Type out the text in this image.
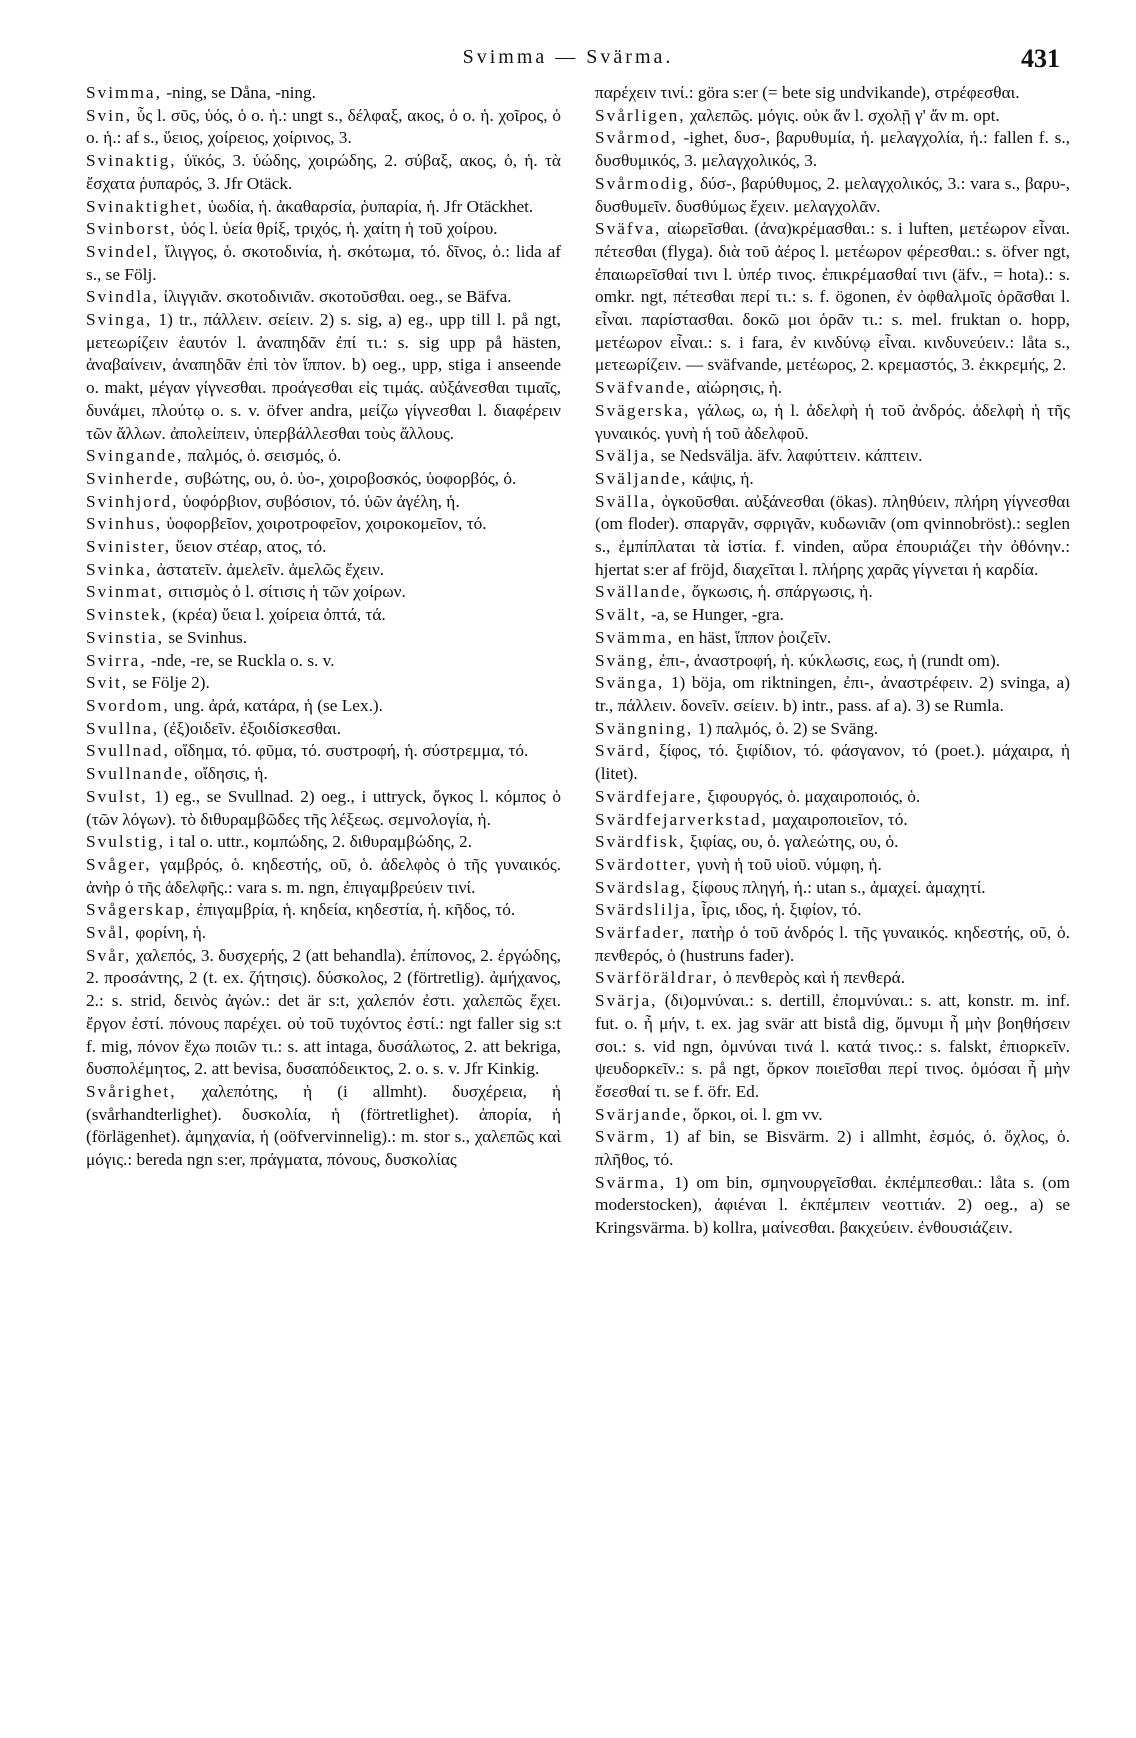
Svimma — Svärma.	431

Svimma, -ning, se Dåna, -ning.

Svin, ὗς l. σῦς, ὑός, ὁ o. ἡ.: ungt s., δέλφαξ, ακος, ὁ o. ἡ. χοῖρος, ὁ o. ἡ.: af s., ὕειος, χοίρειος, χοίρινος, 3.

Svinaktig, ὑϊκός, 3. ὑώδης, χοιρώδης, 2. σύβαξ, ακος, ὁ, ἡ. τὰ ἔσχατα ῥυπαρός, 3. Jfr Otäck.

Svinaktighet, ὑωδία, ἡ. ἀκαθαρσία, ῥυπαρία, ἡ. Jfr Otäckhet.

Svinborst, ὑός l. ὑεία θρίξ, τριχός, ἡ. χαίτη ἡ τοῦ χοίρου.

Svindel, ἴλιγγος, ὁ. σκοτοδινία, ἡ. σκότωμα, τό. δῖνος, ὁ.: lida af s., se Följ.

Svindla, ἰλιγγιᾶν. σκοτοδινιᾶν. σκοτοῦσθαι. oeg., se Bäfva.

Svinga, 1) tr., πάλλειν. σείειν. 2) s. sig, a) eg., upp till l. på ngt, μετεωρίζειν ἑαυτόν l. ἀναπηδᾶν ἐπί τι.: s. sig upp på hästen, ἀναβαίνειν, ἀναπηδᾶν ἐπὶ τὸν ἵππον. b) oeg., upp, stiga i anseende o. makt, μέγαν γίγνεσθαι. προάγεσθαι εἰς τιμάς. αὐξάνεσθαι τιμαῖς, δυνάμει, πλούτῳ o. s. v. öfver andra, μείζω γίγνεσθαι l. διαφέρειν τῶν ἄλλων. ἀπολείπειν, ὑπερβάλλεσθαι τοὺς ἄλλους.

Svingande, παλμός, ὁ. σεισμός, ὁ.

Svinherde, συβώτης, ου, ὁ. ὑο-, χοιροβοσκός, ὑοφορβός, ὁ.

Svinhjord, ὑοφόρβιον, συβόσιον, τό. ὑῶν ἀγέλη, ἡ.

Svinhus, ὑοφορβεῖον, χοιροτροφεῖον, χοιροκομεῖον, τό.

Svinister, ὕειον στέαρ, ατος, τό.

Svinka, ἀστατεῖν. ἀμελεῖν. ἀμελῶς ἔχειν.

Svinmat, σιτισμὸς ὁ l. σίτισις ἡ τῶν χοίρων.

Svinstek, (κρέα) ὕεια l. χοίρεια ὀπτά, τά.

Svinstia, se Svinhus.

Svirra, -nde, -re, se Ruckla o. s. v.

Svit, se Följe 2).

Svordom, ung. ἀρά, κατάρα, ἡ (se Lex.).

Svullna, (ἐξ)οιδεῖν. ἐξοιδίσκεσθαι.

Svullnad, οἴδημα, τό. φῦμα, τό. συστροφή, ἡ. σύστρεμμα, τό.

Svullnande, οἴδησις, ἡ.

Svulst, 1) eg., se Svullnad. 2) oeg., i uttryck, ὄγκος l. κόμπος ὁ (τῶν λόγων). τὸ διθυραμβῶδες τῆς λέξεως. σεμνολογία, ἡ.

Svulstig, i tal o. uttr., κομπώδης, 2. διθυραμβώδης, 2.

Svåger, γαμβρός, ὁ. κηδεστής, οῦ, ὁ. ἀδελφὸς ὁ τῆς γυναικός. ἀνὴρ ὁ τῆς ἀδελφῆς.: vara s. m. ngn, ἐπιγαμβρεύειν τινί.

Svågerskap, ἐπιγαμβρία, ἡ. κηδεία, κηδεστία, ἡ. κῆδος, τό.

Svål, φορίνη, ἡ.

Svår, χαλεπός, 3. δυσχερής, 2 (att behandla). ἐπίπονος, 2. ἐργώδης, 2. προσάντης, 2 (t. ex. ζήτησις). δύσκολος, 2 (förtretlig). ἀμήχανος, 2.: s. strid, δεινὸς ἀγών.: det är s:t, χαλεπόν ἐστι. χαλεπῶς ἔχει. ἔργον ἐστί. πόνους παρέχει. οὐ τοῦ τυχόντος ἐστί.: ngt faller sig s:t f. mig, πόνον ἔχω ποιῶν τι.: s. att intaga, δυσάλωτος, 2. att bekriga, δυσπολέμητος, 2. att bevisa, δυσαπόδεικτος, 2. o. s. v. Jfr Kinkig.

Svårighet, χαλεπότης, ἡ (i allmht). δυσχέρεια, ἡ (svårhandterlighet). δυσκολία, ἡ (förtretlighet). ἀπορία, ἡ (förlägenhet). ἀμηχανία, ἡ (oöfvervinnelig).: m. stor s., χαλεπῶς καὶ μόγις.: bereda ngn s:er, πράγματα, πόνους, δυσκολίας

παρέχειν τινί.: göra s:er (= bete sig undvikande), στρέφεσθαι.

Svårligen, χαλεπῶς. μόγις. οὐκ ἄν l. σχολῇ γ' ἄν m. opt.

Svårmod, -ighet, δυσ-, βαρυθυμία, ἡ. μελαγχολία, ἡ.: fallen f. s., δυσθυμικός, 3. μελαγχολικός, 3.

Svårmodig, δύσ-, βαρύθυμος, 2. μελαγχολικός, 3.: vara s., βαρυ-, δυσθυμεῖν. δυσθύμως ἔχειν. μελαγχολᾶν.

Sväfva, αἰωρεῖσθαι. (ἀνα)κρέμασθαι.: s. i luften, μετέωρον εἶναι. πέτεσθαι (flyga). διὰ τοῦ ἀέρος l. μετέωρον φέρεσθαι.: s. öfver ngt, ἐπαιωρεῖσθαί τινι l. ὑπέρ τινος. ἐπικρέμασθαί τινι (äfv., = hota).: s. omkr. ngt, πέτεσθαι περί τι.: s. f. ögonen, ἐν ὀφθαλμοῖς ὁρᾶσθαι l. εἶναι. παρίστασθαι. δοκῶ μοι ὁρᾶν τι.: s. mel. fruktan o. hopp, μετέωρον εἶναι.: s. i fara, ἐν κινδύνῳ εἶναι. κινδυνεύειν.: låta s., μετεωρίζειν. — sväfvande, μετέωρος, 2. κρεμαστός, 3. ἐκκρεμής, 2.

Sväfvande, αἰώρησις, ἡ.

Svägerska, γάλως, ω, ἡ l. ἀδελφὴ ἡ τοῦ ἀνδρός. ἀδελφὴ ἡ τῆς γυναικός. γυνὴ ἡ τοῦ ἀδελφοῦ.

Svälja, se Nedsvälja. äfv. λαφύττειν. κάπτειν.

Sväljande, κάψις, ἡ.

Svälla, ὀγκοῦσθαι. αὐξάνεσθαι (ökas). πληθύειν, πλήρη γίγνεσθαι (om floder). σπαργᾶν, σφριγᾶν, κυδωνιᾶν (om qvinnobröst).: seglen s., ἐμπίπλαται τὰ ἱστία. f. vinden, αὔρα ἐπουριάζει τὴν ὀθόνην.: hjertat s:er af fröjd, διαχεῖται l. πλήρης χαρᾶς γίγνεται ἡ καρδία.

Svällande, ὄγκωσις, ἡ. σπάργωσις, ἡ.

Svält, -a, se Hunger, -gra.

Svämma, en häst, ἵππον ῥοιζεῖν.

Sväng, ἐπι-, ἀναστροφή, ἡ. κύκλωσις, εως, ἡ (rundt om).

Svänga, 1) böja, om riktningen, ἐπι-, ἀναστρέφειν. 2) svinga, a) tr., πάλλειν. δονεῖν. σείειν. b) intr., pass. af a). 3) se Rumla.

Svängning, 1) παλμός, ὁ. 2) se Sväng.

Svärd, ξίφος, τό. ξιφίδιον, τό. φάσγανον, τό (poet.). μάχαιρα, ἡ (litet).

Svärdfejare, ξιφουργός, ὁ. μαχαιροποιός, ὁ.

Svärdfejarverkstad, μαχαιροποιεῖον, τό.

Svärdfisk, ξιφίας, ου, ὁ. γαλεώτης, ου, ὁ.

Svärdotter, γυνὴ ἡ τοῦ υἱοῦ. νύμφη, ἡ.

Svärdslag, ξίφους πληγή, ἡ.: utan s., ἀμαχεί. ἀμαχητί.

Svärdslilja, ἶρις, ιδος, ἡ. ξιφίον, τό.

Svärfader, πατὴρ ὁ τοῦ ἀνδρός l. τῆς γυναικός. κηδεστής, οῦ, ὁ. πενθερός, ὁ (hustruns fader).

Svärföräldrar, ὁ πενθερὸς καὶ ἡ πενθερά.

Svärja, (δι)ομνύναι.: s. dertill, ἐπομνύναι.: s. att, konstr. m. inf. fut. o. ἦ μήν, t. ex. jag svär att bistå dig, ὄμνυμι ἦ μὴν βοηθήσειν σοι.: s. vid ngn, ὀμνύναι τινά l. κατά τινος.: s. falskt, ἐπιορκεῖν. ψευδορκεῖν.: s. på ngt, ὅρκον ποιεῖσθαι περί τινος. ὀμόσαι ἦ μὴν ἔσεσθαί τι. se f. öfr. Ed.

Svärjande, ὅρκοι, οἱ. l. gm vv.

Svärm, 1) af bin, se Bisvärm. 2) i allmht, ἑσμός, ὁ. ὄχλος, ὁ. πλῆθος, τό.

Svärma, 1) om bin, σμηνουργεῖσθαι. ἐκπέμπεσθαι.: låta s. (om moderstocken), ἀφιέναι l. ἐκπέμπειν νεοττιάν. 2) oeg., a) se Kringsvärma. b) kollra, μαίνεσθαι. βακχεύειν. ἐνθουσιάζειν.
